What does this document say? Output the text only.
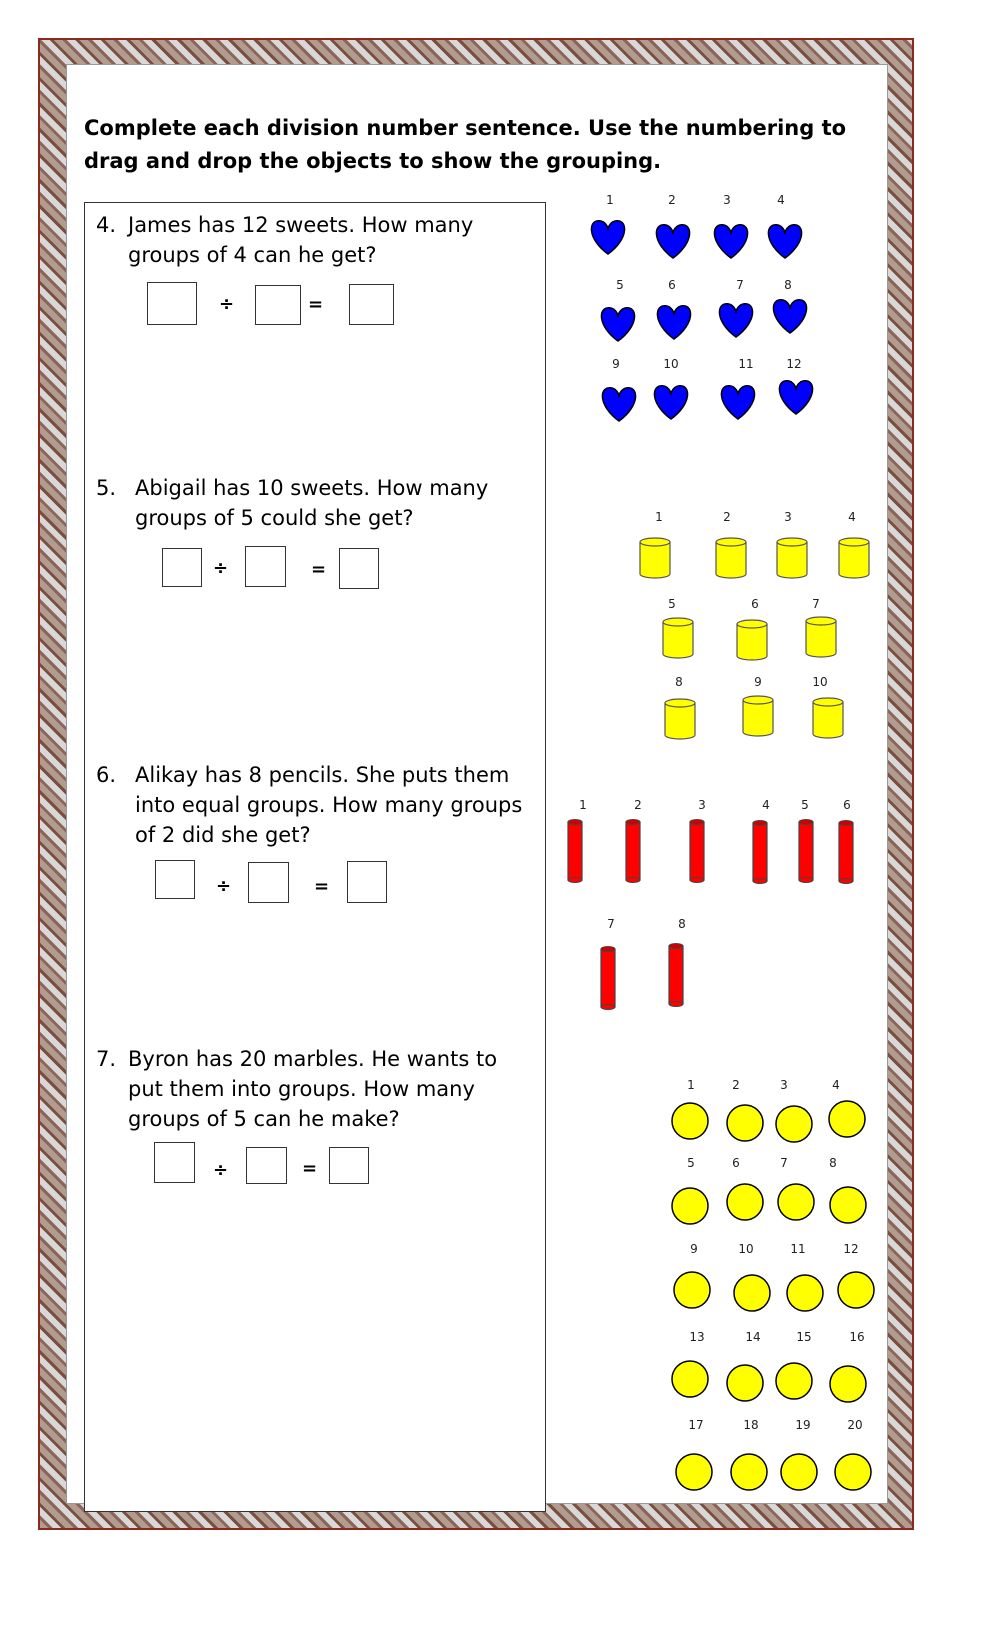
Complete each division number sentence. Use the numbering to drag and drop the objects to show the grouping.
4. James has 12 sweets. How many groups of 4 can he get?
÷	=
5. Abigail has 10 sweets. How many groups of 5 could she get?
÷	=
6. Alikay has 8 pencils. She puts them into equal groups. How many groups of 2 did she get?
÷	=
7. Byron has 20 marbles. He wants to put them into groups. How many groups of 5 can he make?
÷	=
1	2	3	4
5	6	7	8
9	10	11	12
1	2	3	4
5	6	7
8	9	10
1	2	3	4	5	6
7	8
1	2	3	4
5	6	7	8
9	10	11	12
13	14	15	16
17	18	19	20
